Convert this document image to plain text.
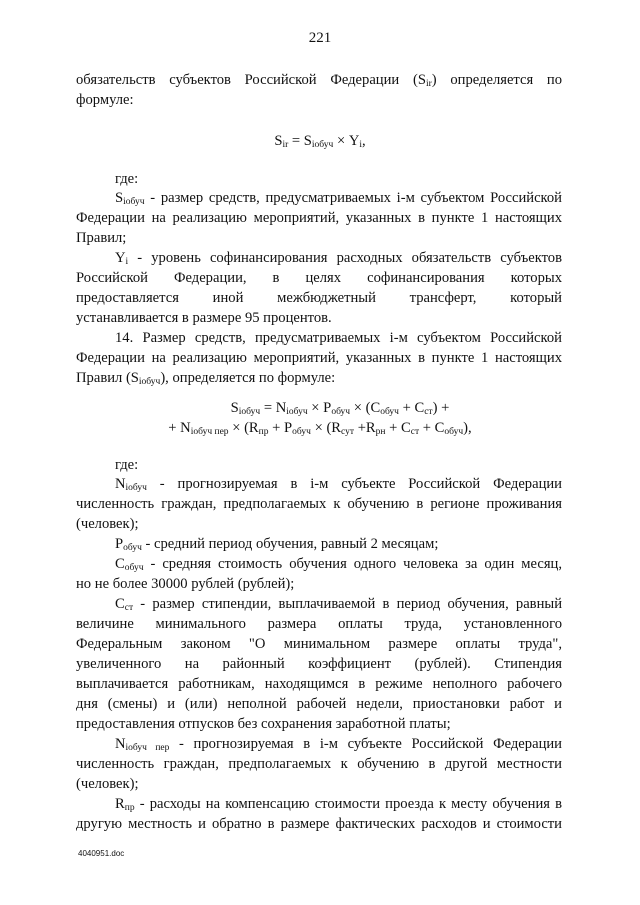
221
обязательств субъектов Российской Федерации $(S_{ir})$ определяется по
формуле:
$S_{ir} = S_{iобуч} \times Y_i$,
где:
$S_{iобуч}$ - размер средств, предусматриваемых i-м субъектом Российской
Федерации на реализацию мероприятий, указанных в пункте 1 настоящих
Правил;
$Y_i$ - уровень софинансирования расходных обязательств субъектов
Российской Федерации, в целях софинансирования которых
предоставляется иной межбюджетный трансферт, который
устанавливается в размере 95 процентов.
14. Размер средств, предусматриваемых i-м субъектом Российской
Федерации на реализацию мероприятий, указанных в пункте 1 настоящих
Правил $(S_{iобуч})$, определяется по формуле:
$S_{iобуч} = N_{iобуч} \times P_{обуч} \times (C_{обуч} + C_{ст})$ +
+ $N_{iобуч пер} \times (R_{пр} + P_{обуч} \times (R_{сут} +R_{рн} + C_{ст} + C_{обуч})$,
где:
$N_{iобуч}$ - прогнозируемая в i-м субъекте Российской Федерации
численность граждан, предполагаемых к обучению в регионе проживания
(человек);
$P_{обуч}$ - средний период обучения, равный 2 месяцам;
$C_{обуч}$ - средняя стоимость обучения одного человека за один месяц,
но не более 30000 рублей (рублей);
$C_{ст}$ - размер стипендии, выплачиваемой в период обучения, равный
величине минимального размера оплаты труда, установленного
Федеральным законом "О минимальном размере оплаты труда",
увеличенного на районный коэффициент (рублей). Стипендия
выплачивается работникам, находящимся в режиме неполного рабочего
дня (смены) и (или) неполной рабочей недели, приостановки работ и
предоставления отпусков без сохранения заработной платы;
$N_{iобуч пер}$ - прогнозируемая в i-м субъекте Российской Федерации
численность граждан, предполагаемых к обучению в другой местности
(человек);
$R_{пр}$ - расходы на компенсацию стоимости проезда к месту обучения в
другую местность и обратно в размере фактических расходов и стоимости
4040951.doc
